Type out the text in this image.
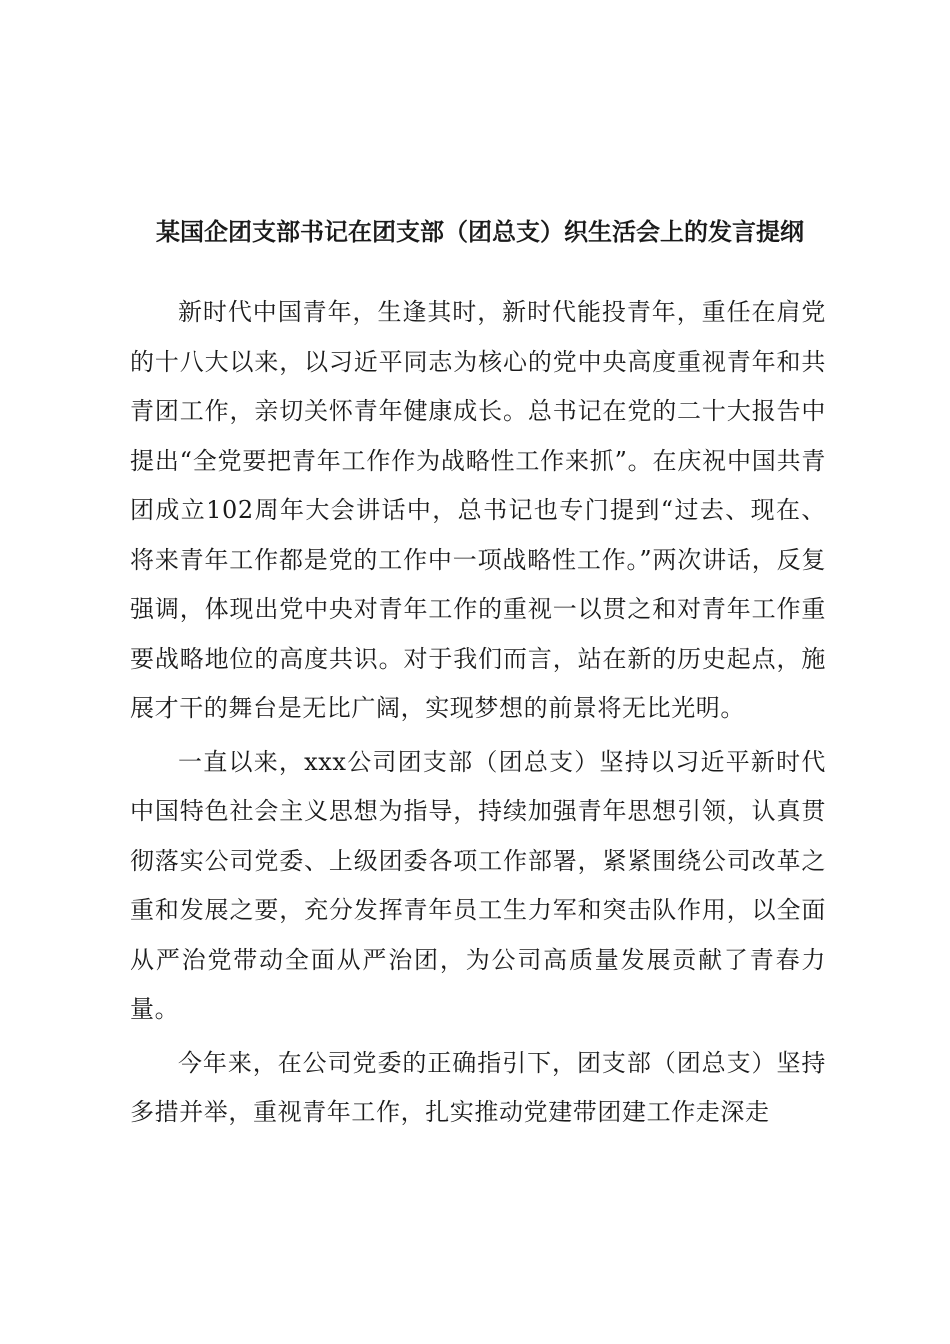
某国企团支部书记在团支部（团总支）织生活会上的发言提纲

新时代中国青年，生逢其时，新时代能投青年，重任在肩党的十八大以来，以习近平同志为核心的党中央高度重视青年和共青团工作，亲切关怀青年健康成长。总书记在党的二十大报告中提出“全党要把青年工作作为战略性工作来抓”。在庆祝中国共青团成立102周年大会讲话中，总书记也专门提到“过去、现在、将来青年工作都是党的工作中一项战略性工作。”两次讲话，反复强调，体现出党中央对青年工作的重视一以贯之和对青年工作重要战略地位的高度共识。对于我们而言，站在新的历史起点，施展才干的舞台是无比广阔，实现梦想的前景将无比光明。

一直以来，xxx公司团支部（团总支）坚持以习近平新时代中国特色社会主义思想为指导，持续加强青年思想引领，认真贯彻落实公司党委、上级团委各项工作部署，紧紧围绕公司改革之重和发展之要，充分发挥青年员工生力军和突击队作用，以全面从严治党带动全面从严治团，为公司高质量发展贡献了青春力量。

今年来，在公司党委的正确指引下，团支部（团总支）坚持多措并举，重视青年工作，扎实推动党建带团建工作走深走
